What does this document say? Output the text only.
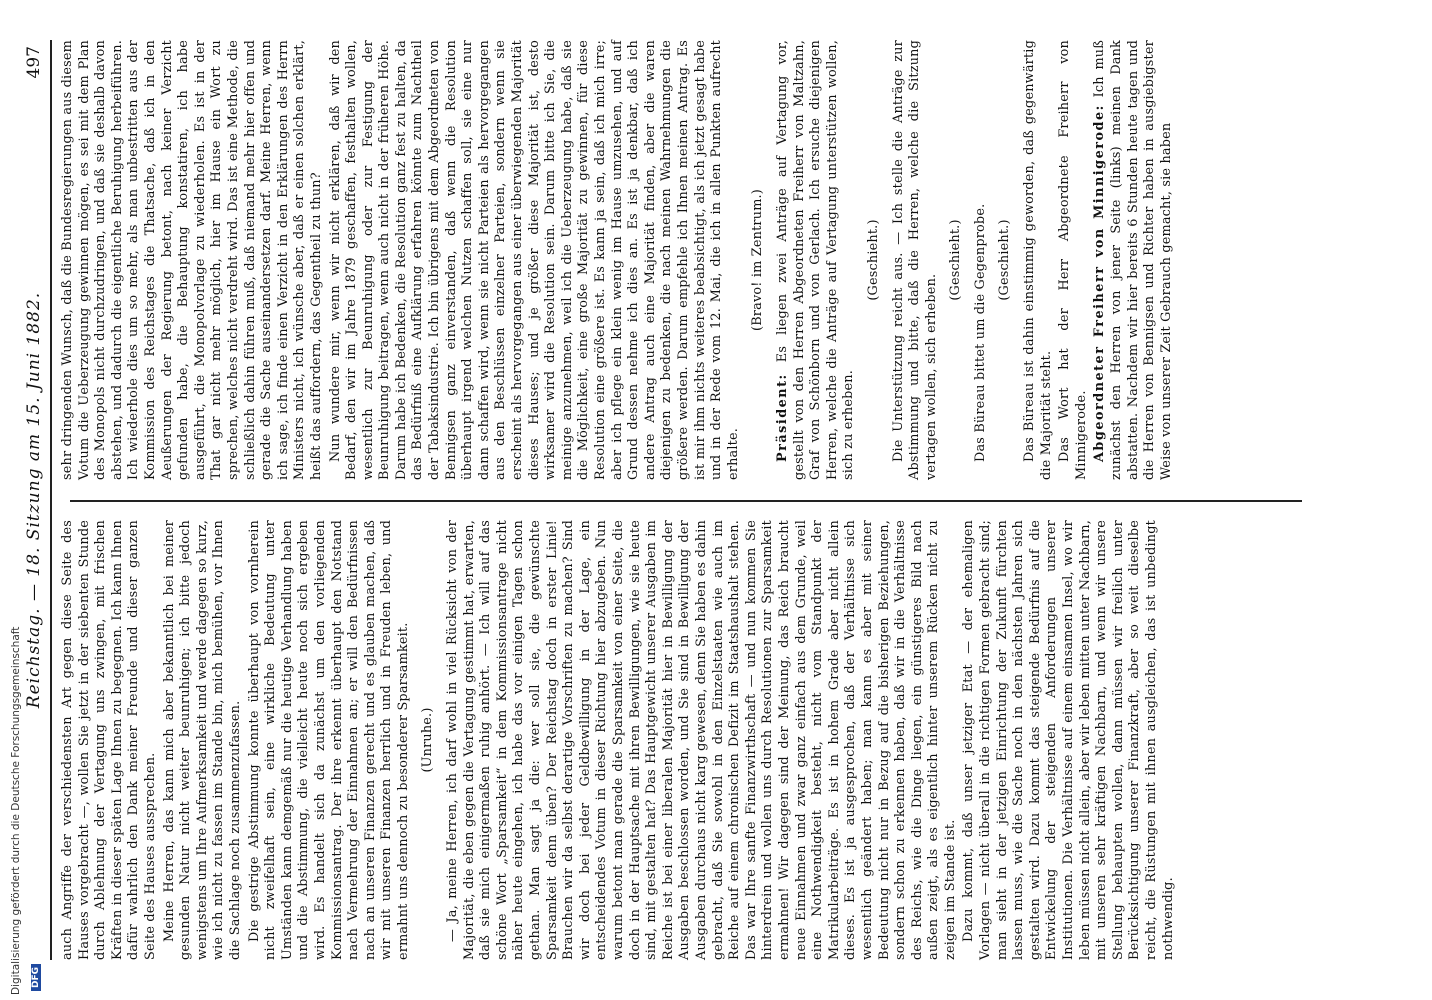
Reichstag. — 18. Sitzung am 15. Juni 1882.
497

auch Angriffe der verschiedensten Art gegen diese Seite des Hauses vorgebracht —, wollen Sie jetzt in der siebenten Stunde durch Ablehnung der Vertagung uns zwingen, mit frischen Kräften in dieser späten Lage Ihnen zu begegnen. Ich kann Ihnen dafür wahrlich den Dank meiner Freunde und dieser ganzen Seite des Hauses aussprechen. Meine Herren, das kann mich aber bekanntlich bei meiner gesunden Natur nicht weiter beunruhigen; ich bitte jedoch wenigstens um Ihre Aufmerksamkeit und werde dagegen so kurz, wie ich nicht zu fassen im Stande bin, mich bemühen, vor Ihnen die Sachlage noch zusammenzufassen. Die gestrige Abstimmung konnte überhaupt von vornherein nicht zweifelhaft sein, eine wirkliche Bedeutung unter Umständen kann demgemäß nur die heutige Verhandlung haben und die Abstimmung, die vielleicht heute noch sich ergeben wird. Es handelt sich da zunächst um den vorliegenden Kommissionsantrag. Der ihre erkennt überhaupt den Notstand nach Vermehrung der Einnahmen an; er will den Bedürfnissen nach an unseren Finanzen gerecht und es glauben machen, daß wir mit unseren Finanzen herrlich und in Freuden leben, und ermahnt uns dennoch zu besonderer Sparsamkeit. (Unruhe.) — Ja, meine Herren, ich darf wohl in viel Rücksicht von der Majorität, die eben gegen die Vertagung gestimmt hat, erwarten, daß sie mich einigermaßen ruhig anhört. — Ich will auf das schöne Wort „Sparsamkeit“ in dem Kommissionsantrage nicht näher heute eingehen, ich habe das vor einigen Tagen schon gethan. Man sagt ja die: wer soll sie, die gewünschte Sparsamkeit denn üben? Der Reichstag doch in erster Linie! Brauchen wir da selbst derartige Vorschriften zu machen? Sind wir doch bei jeder Geldbewilligung in der Lage, ein entscheidendes Votum in dieser Richtung hier abzugeben. Nun warum betont man gerade die Sparsamkeit von einer Seite, die doch in der Hauptsache mit ihren Bewilligungen, wie sie heute sind, mit gestalten hat? Das Hauptgewicht unserer Ausgaben im Reiche ist bei einer liberalen Majorität hier in Bewilligung der Ausgaben beschlossen worden, und Sie sind in Bewilligung der Ausgaben durchaus nicht karg gewesen, denn Sie haben es dahin gebracht, daß Sie sowohl in den Einzelstaaten wie auch im Reiche auf einem chronischen Defizit im Staatshaushalt stehen. Das war Ihre sanfte Finanzwirthschaft — und nun kommen Sie hinterdrein und wollen uns durch Resolutionen zur Sparsamkeit ermahnen! Wir dagegen sind der Meinung, das Reich braucht neue Einnahmen und zwar ganz einfach aus dem Grunde, weil eine Nothwendigkeit besteht, nicht vom Standpunkt der Matrikularbeiträge. Es ist in hohem Grade aber nicht allein dieses. Es ist ja ausgesprochen, daß der Verhältnisse sich wesentlich geändert haben; man kann es aber mit seiner Bedeutung nicht nur in Bezug auf die bisherigen Beziehungen, sondern schon zu erkennen haben, daß wir in die Verhältnisse des Reichs, wie die Dinge liegen, ein günstigeres Bild nach außen zeigt, als es eigentlich hinter unserem Rücken nicht zu zeigen im Stande ist. Dazu kommt, daß unser jetziger Etat — der ehemaligen Vorlagen — nicht überall in die richtigen Formen gebracht sind; man sieht in der jetzigen Einrichtung der Zukunft fürchten lassen muss, wie die Sache noch in den nächsten Jahren sich gestalten wird. Dazu kommt das steigende Bedürfnis auf die Entwickelung der steigenden Anforderungen unserer Institutionen. Die Verhältnisse auf einem einsamen Insel, wo wir leben müssen nicht allein, aber wir leben mitten unter Nachbarn, mit unseren sehr kräftigen Nachbarn, und wenn wir unsere Stellung behaupten wollen, dann müssen wir freilich unter Berücksichtigung unserer Finanzkraft, aber so weit dieselbe reicht, die Rüstungen mit ihnen ausgleichen, das ist unbedingt nothwendig.

sehr dringenden Wunsch, daß die Bundesregierungen aus diesem Votum die Ueberzeugung gewinnen mögen, es sei mit dem Plan des Monopols nicht durchzudringen, und daß sie deshalb davon abstehen, und dadurch die eigentliche Beruhigung herbeiführen. Ich wiederhole dies um so mehr, als man unbestritten aus der Kommission des Reichstages die Thatsache, daß ich in den Aeußerungen der Regierung betont, nach keiner Verzicht gefunden habe, die Behauptung konstatiren, ich habe ausgeführt, die Monopolvorlage zu wiederholen. Es ist in der That gar nicht mehr möglich, hier im Hause ein Wort zu sprechen, welches nicht verdreht wird. Das ist eine Methode, die schließlich dahin führen muß, daß niemand mehr hier offen und gerade die Sache auseinandersetzen darf. Meine Herren, wenn ich sage, ich finde einen Verzicht in den Erklärungen des Herrn Ministers nicht, ich wünsche aber, daß er einen solchen erklärt, heißt das auffordern, das Gegentheil zu thun? Nun wundere mir, wenn wir nicht erklären, daß wir den Bedarf, den wir im Jahre 1879 geschaffen, festhalten wollen, wesentlich zur Beunruhigung oder zur Festigung der Beunruhigung beitragen, wenn auch nicht in der früheren Höhe. Darum habe ich Bedenken, die Resolution ganz fest zu halten, da das Bedürfniß eine Aufklärung erfahren könnte zum Nachtheil der Tabaksindustrie. Ich bin übrigens mit dem Abgeordneten von Bennigsen ganz einverstanden, daß wenn die Resolution überhaupt irgend welchen Nutzen schaffen soll, sie eine nur dann schaffen wird, wenn sie nicht Parteien als hervorgegangen aus den Beschlüssen einzelner Parteien, sondern wenn sie erscheint als hervorgegangen aus einer überwiegenden Majorität dieses Hauses; und je größer diese Majorität ist, desto wirksamer wird die Resolution sein. Darum bitte ich Sie, die meinige anzunehmen, weil ich die Ueberzeugung habe, daß sie die Möglichkeit, eine große Majorität zu gewinnen, für diese Resolution eine größere ist. Es kann ja sein, daß ich mich irre; aber ich pflege ein klein wenig im Hause umzusehen, und auf Grund dessen nehme ich dies an. Es ist ja denkbar, daß ich andere Antrag auch eine Majorität finden, aber die waren diejenigen zu bedenken, die nach meinen Wahrnehmungen die größere werden. Darum empfehle ich Ihnen meinen Antrag. Es ist mir ihm nichts weiteres beabsichtigt, als ich jetzt gesagt habe und in der Rede vom 12. Mai, die ich in allen Punkten aufrecht erhalte.

(Bravo! im Zentrum.)

Präsident: Es liegen zwei Anträge auf Vertagung vor, gestellt von den Herren Abgeordneten Freiherr von Maltzahn, Graf von Schönborn und von Gerlach. Ich ersuche diejenigen Herren, welche die Anträge auf Vertagung unterstützen wollen, sich zu erheben.

(Geschieht.) Die Unterstützung reicht aus. — Ich stelle die Anträge zur Abstimmung und bitte, daß die Herren, welche die Sitzung vertagen wollen, sich erheben.

(Geschieht.) Das Büreau bittet um die Gegenprobe. (Geschieht.) Das Büreau ist dahin einstimmig geworden, daß gegenwärtig die Majorität steht. Das Wort hat der Herr Abgeordnete Freiherr von Minnigerode. Abgeordneter Freiherr von Minnigerode: Ich muß zunächst den Herren von jener Seite (links) meinen Dank abstatten. Nachdem wir hier bereits 6 Stunden heute tagen und die Herren von Bennigsen und Richter haben in ausgiebigster Weise von unserer Zeit Gebrauch gemacht, sie haben

Digitalisierung gefördert durch die Deutsche Forschungsgemeinschaft DFG
